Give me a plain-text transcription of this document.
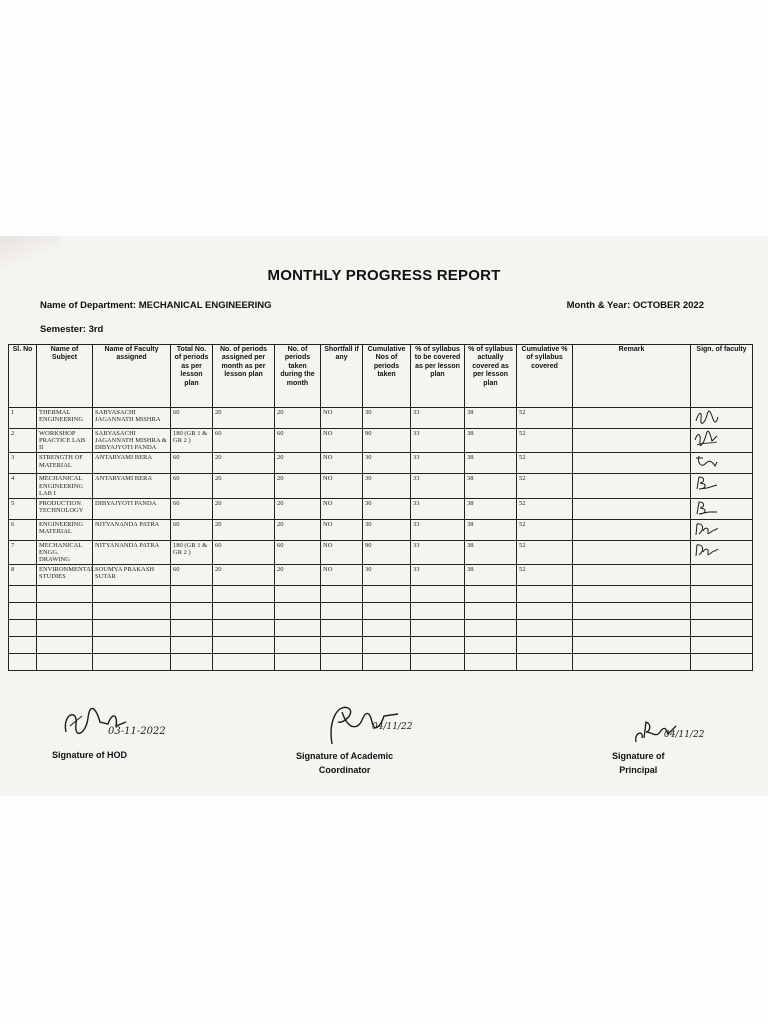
MONTHLY PROGRESS REPORT
Name of Department: MECHANICAL ENGINEERING	Month & Year: OCTOBER 2022
Semester: 3rd
Sl. No	Name of Subject	Name of Faculty assigned	Total No. of periods as per lesson plan	No. of periods assigned per month as per lesson plan	No. of periods taken during the month	Shortfall if any	Cumulative Nos of periods taken	% of syllabus to be covered as per lesson plan	% of syllabus actually covered as per lesson plan	Cumulative % of syllabus covered	Remark	Sign. of faculty
1	THERMAL ENGINEERING	SABYASACHI JAGANNATH MISHRA	60	20	20	NO	30	33	38	52		

2	WORKSHOP PRACTICE LAB II	SABYASACHI JAGANNATH MISHRA & DIBYAJYOTI PANDA	180 (GR 1 & GR 2 )	60	60	NO	90	33	38	52		

3	STRENGTH OF MATERIAL	ANTARYAMI BERA	60	20	20	NO	30	33	38	52		

4	MECHANICAL ENGINEERING LAB I	ANTARYAMI BERA	60	20	20	NO	30	33	38	52		

5	PRODUCTION TECHNOLOGY	DIBYAJYOTI PANDA	60	20	20	NO	30	33	38	52		

6	ENGINEERING MATERIAL	NITYANANDA PATRA	60	20	20	NO	30	33	38	52		

7	MECHANICAL ENGG. DRAWING	NITYANANDA PATRA	180 (GR 1 & GR 2 )	60	60	NO	90	33	38	52		

8	ENVIRONMENTAL STUDIES	SOUMYA PRAKASH SUTAR	60	20	20	NO	30	33	38	52		

03-11-2022
Signature of HOD
04/11/22
Signature of Academic
Coordinator
04/11/22
Signature of
Principal
